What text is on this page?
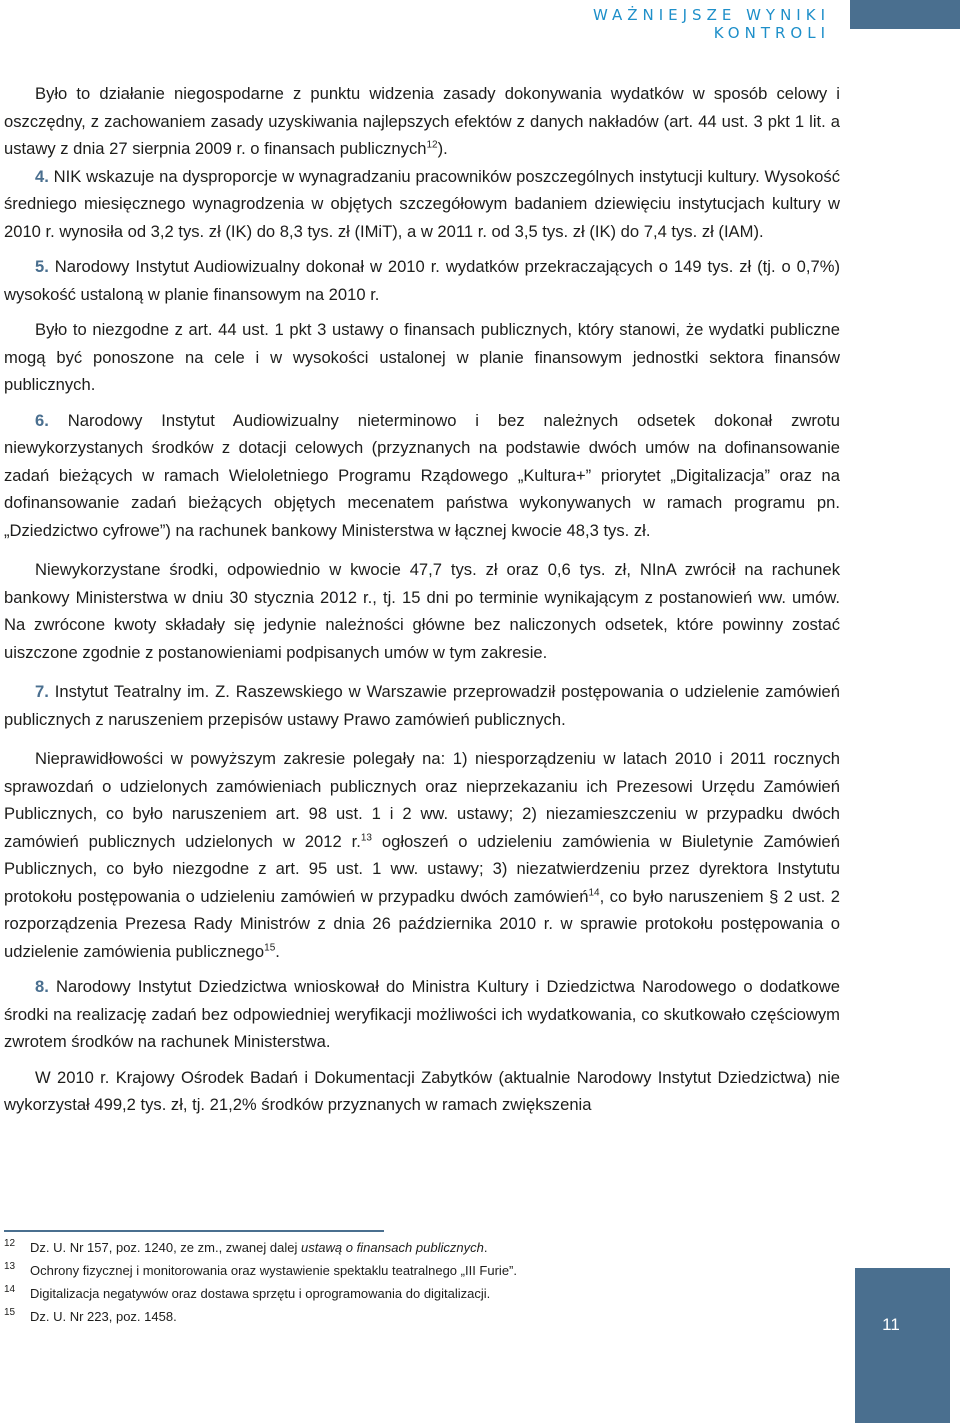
WAŻNIEJSZE WYNIKI KONTROLI

Było to działanie niegospodarne z punktu widzenia zasady dokonywania wydatków w sposób celowy i oszczędny, z zachowaniem zasady uzyskiwania najlepszych efektów z danych nakładów (art. 44 ust. 3 pkt 1 lit. a ustawy z dnia 27 sierpnia 2009 r. o finansach publicznych$^{12}$).

4. NIK wskazuje na dysproporcje w wynagradzaniu pracowników poszczególnych instytucji kultury. Wysokość średniego miesięcznego wynagrodzenia w objętych szczegółowym badaniem dziewięciu instytucjach kultury w 2010 r. wynosiła od 3,2 tys. zł (IK) do 8,3 tys. zł (IMiT), a w 2011 r. od 3,5 tys. zł (IK) do 7,4 tys. zł (IAM).

5. Narodowy Instytut Audiowizualny dokonał w 2010 r. wydatków przekraczających o 149 tys. zł (tj. o 0,7%) wysokość ustaloną w planie finansowym na 2010 r.

Było to niezgodne z art. 44 ust. 1 pkt 3 ustawy o finansach publicznych, który stanowi, że wydatki publiczne mogą być ponoszone na cele i w wysokości ustalonej w planie finansowym jednostki sektora finansów publicznych.

6. Narodowy Instytut Audiowizualny nieterminowo i bez należnych odsetek dokonał zwrotu niewykorzystanych środków z dotacji celowych (przyznanych na podstawie dwóch umów na dofinansowanie zadań bieżących w ramach Wieloletniego Programu Rządowego „Kultura+” priorytet „Digitalizacja” oraz na dofinansowanie zadań bieżących objętych mecenatem państwa wykonywanych w ramach programu pn. „Dziedzictwo cyfrowe”) na rachunek bankowy Ministerstwa w łącznej kwocie 48,3 tys. zł.

Niewykorzystane środki, odpowiednio w kwocie 47,7 tys. zł oraz 0,6 tys. zł, NInA zwrócił na rachunek bankowy Ministerstwa w dniu 30 stycznia 2012 r., tj. 15 dni po terminie wynikającym z postanowień ww. umów. Na zwrócone kwoty składały się jedynie należności główne bez naliczonych odsetek, które powinny zostać uiszczone zgodnie z postanowieniami podpisanych umów w tym zakresie.

7. Instytut Teatralny im. Z. Raszewskiego w Warszawie przeprowadził postępowania o udzielenie zamówień publicznych z naruszeniem przepisów ustawy Prawo zamówień publicznych.

Nieprawidłowości w powyższym zakresie polegały na: 1) niesporządzeniu w latach 2010 i 2011 rocznych sprawozdań o udzielonych zamówieniach publicznych oraz nieprzekazaniu ich Prezesowi Urzędu Zamówień Publicznych, co było naruszeniem art. 98 ust. 1 i 2 ww. ustawy; 2) niezamieszczeniu w przypadku dwóch zamówień publicznych udzielonych w 2012 r.$^{13}$ ogłoszeń o udzieleniu zamówienia w Biuletynie Zamówień Publicznych, co było niezgodne z art. 95 ust. 1 ww. ustawy; 3) niezatwierdzeniu przez dyrektora Instytutu protokołu postępowania o udzieleniu zamówień w przypadku dwóch zamówień$^{14}$, co było naruszeniem § 2 ust. 2 rozporządzenia Prezesa Rady Ministrów z dnia 26 października 2010 r. w sprawie protokołu postępowania o udzielenie zamówienia publicznego$^{15}$.

8. Narodowy Instytut Dziedzictwa wnioskował do Ministra Kultury i Dziedzictwa Narodowego o dodatkowe środki na realizację zadań bez odpowiedniej weryfikacji możliwości ich wydatkowania, co skutkowało częściowym zwrotem środków na rachunek Ministerstwa.

W 2010 r. Krajowy Ośrodek Badań i Dokumentacji Zabytków (aktualnie Narodowy Instytut Dziedzictwa) nie wykorzystał 499,2 tys. zł, tj. 21,2% środków przyznanych w ramach zwiększenia

12	Dz. U. Nr 157, poz. 1240, ze zm., zwanej dalej ustawą o finansach publicznych.
13	Ochrony fizycznej i monitorowania oraz wystawienie spektaklu teatralnego „III Furie”.
14	Digitalizacja negatywów oraz dostawa sprzętu i oprogramowania do digitalizacji.
15	Dz. U. Nr 223, poz. 1458.	11
